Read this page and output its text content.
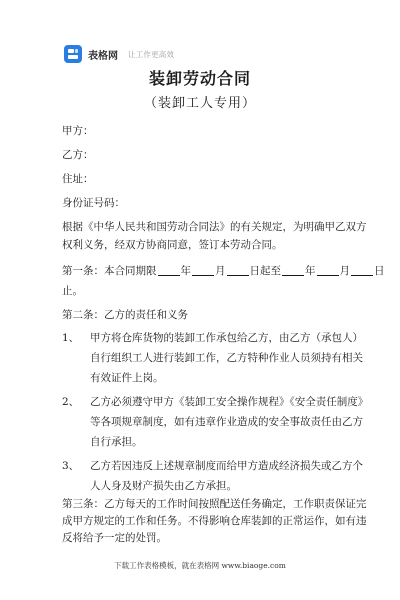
表格网 让工作更高效
装卸劳动合同
（装卸工人专用）
甲方：
乙方：
住址：
身份证号码：
根据《中华人民共和国劳动合同法》的有关规定，为明确甲乙双方
权利义务，经双方协商同意，签订本劳动合同。
第一条：本合同期限 年 月 日起至 年 月 日
止。
第二条：乙方的责任和义务
1、 甲方将仓库货物的装卸工作承包给乙方，由乙方（承包人）
自行组织工人进行装卸工作，乙方特种作业人员须持有相关
有效证件上岗。
2、 乙方必须遵守甲方《装卸工安全操作规程》《安全责任制度》
等各项规章制度，如有违章作业造成的安全事故责任由乙方
自行承担。
3、 乙方若因违反上述规章制度而给甲方造成经济损失或乙方个
人人身及财产损失由乙方承担。
第三条：乙方每天的工作时间按照配送任务确定，工作职责保证完
成甲方规定的工作和任务。不得影响仓库装卸的正常运作，如有违
反将给予一定的处罚。
下载工作表格模板，就在表格网 www.biaoge.com
